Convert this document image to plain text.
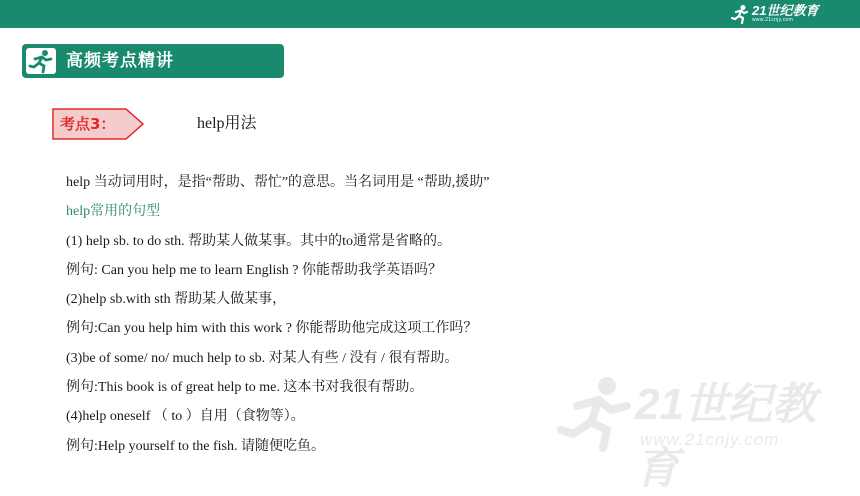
21世纪教育
www.21cnjy.com
高频考点精讲
考点3：	help用法
help 当动词用时，是指“帮助、帮忙”的意思。当名词用是 “帮助,援助”
help常用的句型
(1) help sb. to do sth. 帮助某人做某事。其中的to通常是省略的。
例句: Can you help me to learn English ? 你能帮助我学英语吗？
(2)help sb.with sth 帮助某人做某事，
例句:Can you help him with this work ? 你能帮助他完成这项工作吗？
(3)be of some/ no/ much help to sb. 对某人有些 / 没有 / 很有帮助。
例句:This book is of great help to me. 这本书对我很有帮助。
(4)help oneself （ to ）自用（食物等）。
例句:Help yourself to the fish. 请随便吃鱼。
21世纪教育
www.21cnjy.com
